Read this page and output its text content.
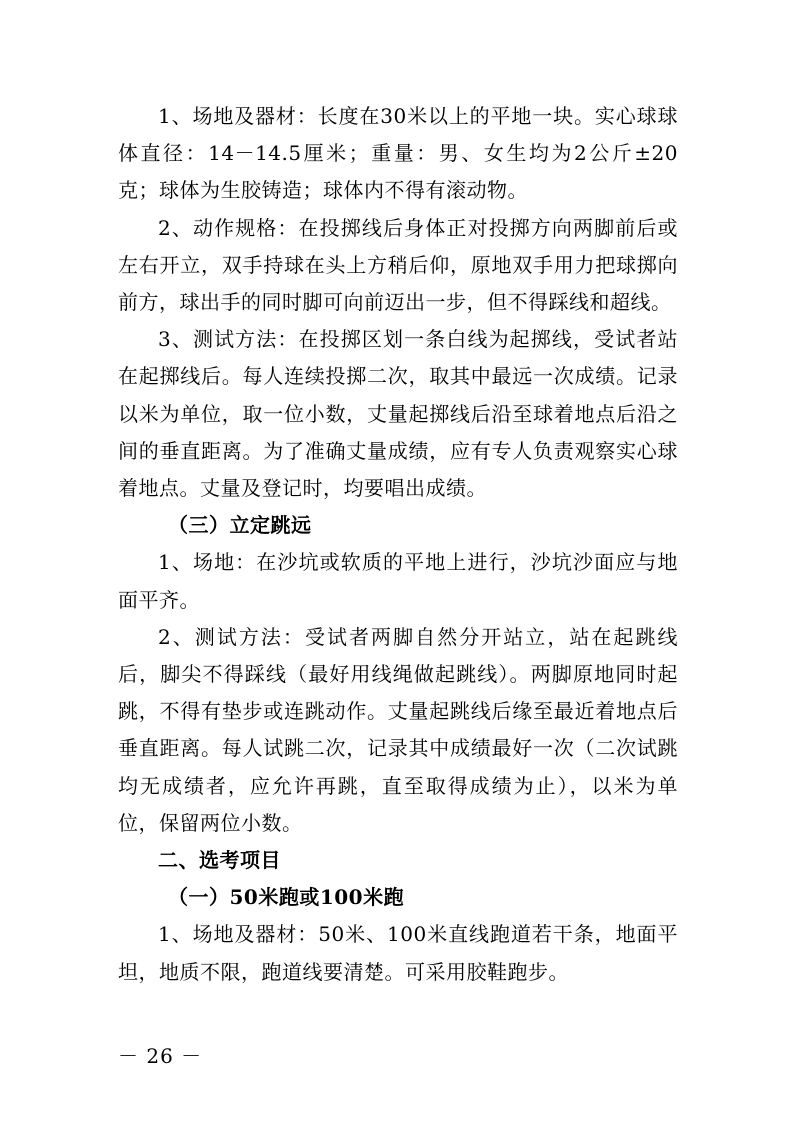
1、场地及器材：长度在30米以上的平地一块。实心球球体直径：14－14.5厘米；重量：男、女生均为2公斤±20克；球体为生胶铸造；球体内不得有滚动物。

2、动作规格：在投掷线后身体正对投掷方向两脚前后或左右开立，双手持球在头上方稍后仰，原地双手用力把球掷向前方，球出手的同时脚可向前迈出一步，但不得踩线和超线。

3、测试方法：在投掷区划一条白线为起掷线，受试者站在起掷线后。每人连续投掷二次，取其中最远一次成绩。记录以米为单位，取一位小数，丈量起掷线后沿至球着地点后沿之间的垂直距离。为了准确丈量成绩，应有专人负责观察实心球着地点。丈量及登记时，均要唱出成绩。

（三）立定跳远

1、场地：在沙坑或软质的平地上进行，沙坑沙面应与地面平齐。

2、测试方法：受试者两脚自然分开站立，站在起跳线后，脚尖不得踩线（最好用线绳做起跳线）。两脚原地同时起跳，不得有垫步或连跳动作。丈量起跳线后缘至最近着地点后垂直距离。每人试跳二次，记录其中成绩最好一次（二次试跳均无成绩者，应允许再跳，直至取得成绩为止），以米为单位，保留两位小数。

二、选考项目

（一）50米跑或100米跑

1、场地及器材：50米、100米直线跑道若干条，地面平坦，地质不限，跑道线要清楚。可采用胶鞋跑步。

－ 26 －
